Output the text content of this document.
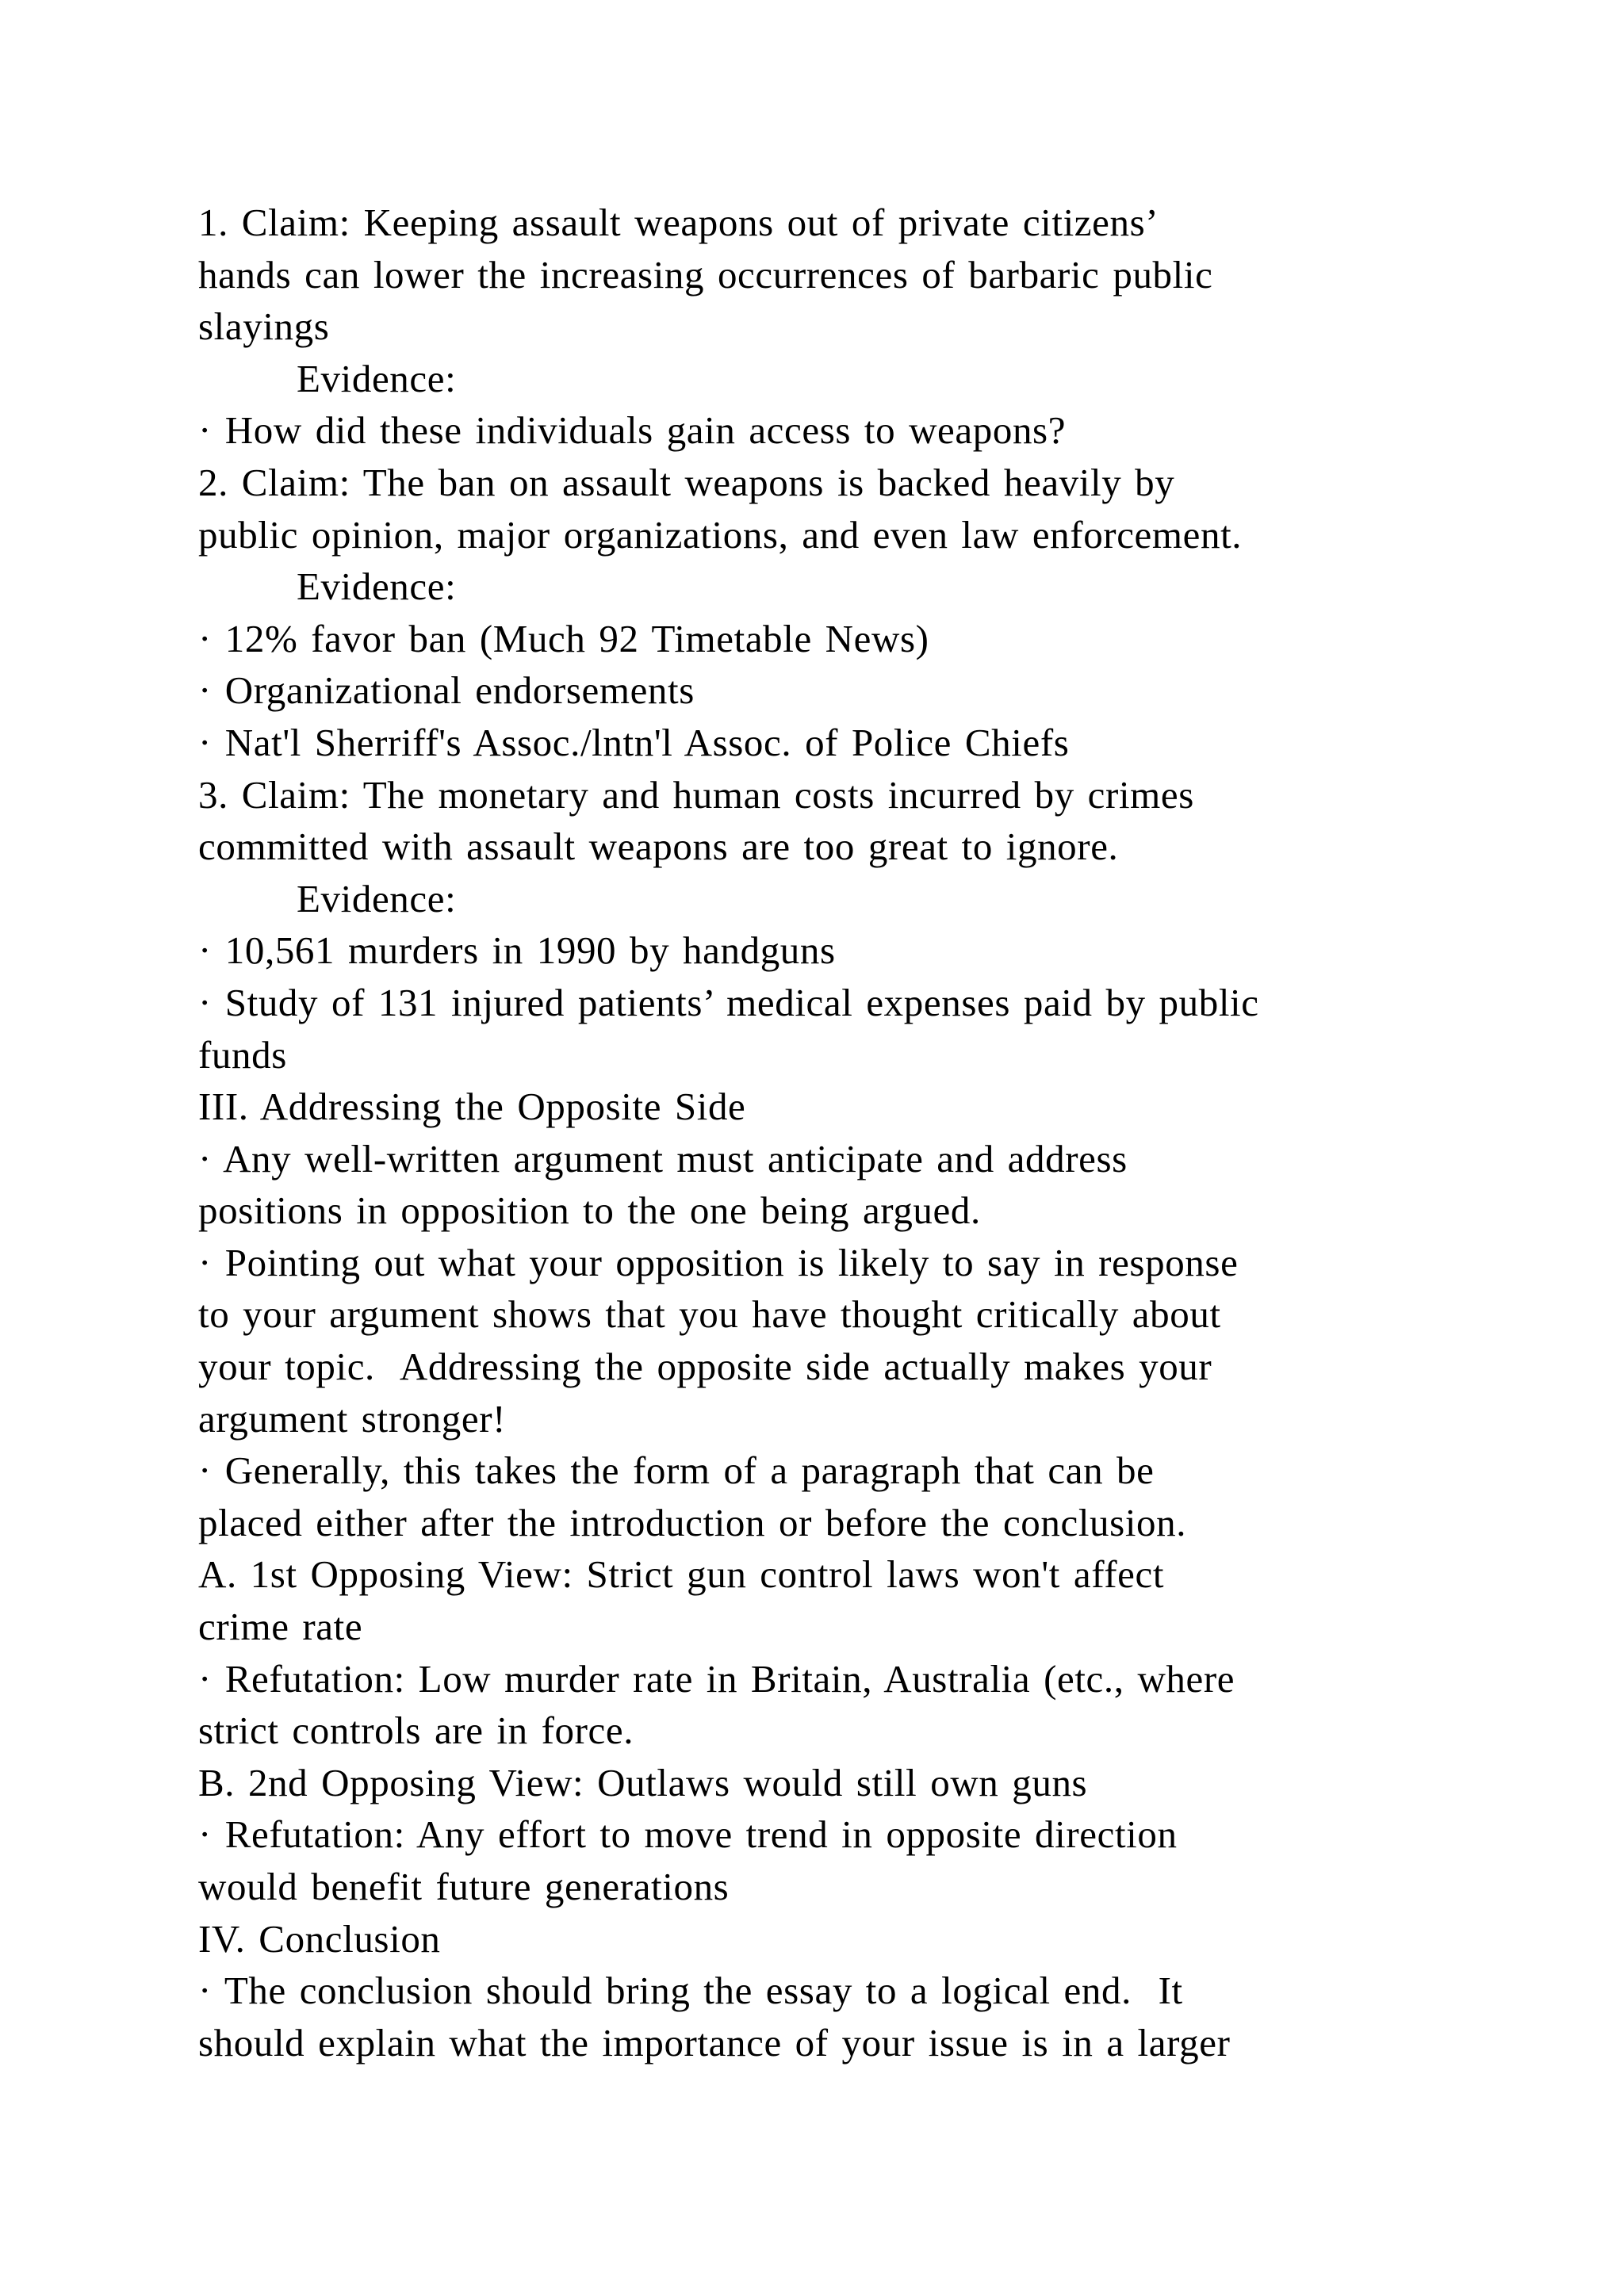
1. Claim: Keeping assault weapons out of private citizens’
hands can lower the increasing occurrences of barbaric public
slayings
Evidence:
· How did these individuals gain access to weapons?
2. Claim: The ban on assault weapons is backed heavily by
public opinion, major organizations, and even law enforcement.
Evidence:
· 12% favor ban (Much 92 Timetable News)
· Organizational endorsements
· Nat'l Sherriff's Assoc./lntn'l Assoc. of Police Chiefs
3. Claim: The monetary and human costs incurred by crimes
committed with assault weapons are too great to ignore.
Evidence:
· 10,561 murders in 1990 by handguns
· Study of 131 injured patients’ medical expenses paid by public
funds
III. Addressing the Opposite Side
· Any well-written argument must anticipate and address
positions in opposition to the one being argued.
· Pointing out what your opposition is likely to say in response
to your argument shows that you have thought critically about
your topic.  Addressing the opposite side actually makes your
argument stronger!
· Generally, this takes the form of a paragraph that can be
placed either after the introduction or before the conclusion.
A. 1st Opposing View: Strict gun control laws won't affect
crime rate
· Refutation: Low murder rate in Britain, Australia (etc., where
strict controls are in force.
B. 2nd Opposing View: Outlaws would still own guns
· Refutation: Any effort to move trend in opposite direction
would benefit future generations
IV. Conclusion
· The conclusion should bring the essay to a logical end.  It
should explain what the importance of your issue is in a larger
